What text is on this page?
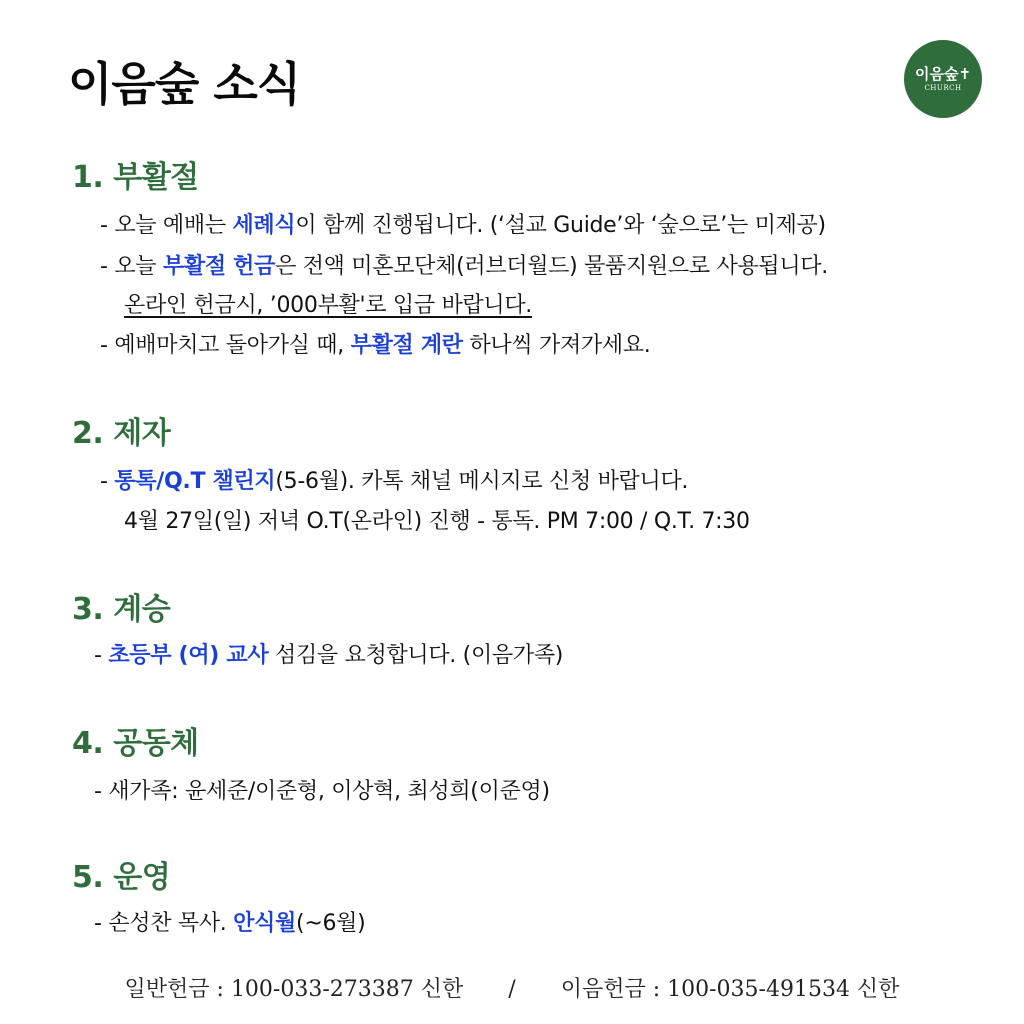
이음숲 소식	이음숲✝
CHURCH
1. 부활절
- 오늘 예배는 세례식이 함께 진행됩니다. (‘설교 Guide’와 ‘숲으로’는 미제공)
- 오늘 부활절 헌금은 전액 미혼모단체(러브더월드) 물품지원으로 사용됩니다.
온라인 헌금시, ’000부활'로 입금 바랍니다.
- 예배마치고 돌아가실 때, 부활절 계란 하나씩 가져가세요.
2. 제자
- 통톡/Q.T 챌린지(5-6월). 카톡 채널 메시지로 신청 바랍니다.
4월 27일(일) 저녁 O.T(온라인) 진행 - 통독. PM 7:00 / Q.T. 7:30
3. 계승
- 초등부 (여) 교사 섬김을 요청합니다. (이음가족)
4. 공동체
- 새가족: 윤세준/이준형, 이상혁, 최성희(이준영)
5. 운영
- 손성찬 목사. 안식월(~6월)
일반헌금 : 100-033-273387 신한 / 이음헌금 : 100-035-491534 신한
